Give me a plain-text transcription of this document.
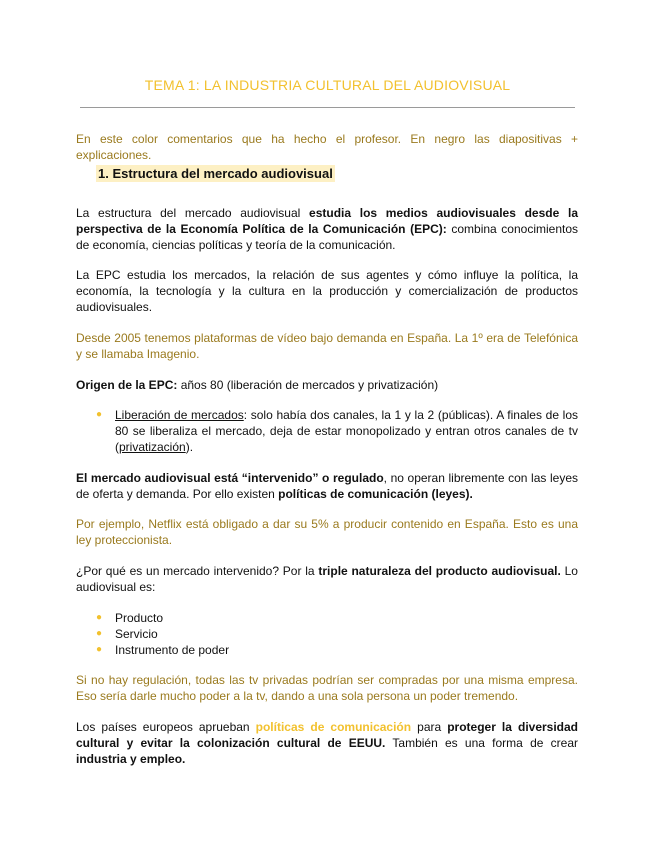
TEMA 1: LA INDUSTRIA CULTURAL DEL AUDIOVISUAL

En este color comentarios que ha hecho el profesor. En negro las diapositivas + explicaciones.

1. Estructura del mercado audiovisual

La estructura del mercado audiovisual estudia los medios audiovisuales desde la perspectiva de la Economía Política de la Comunicación (EPC): combina conocimientos de economía, ciencias políticas y teoría de la comunicación.

La EPC estudia los mercados, la relación de sus agentes y cómo influye la política, la economía, la tecnología y la cultura en la producción y comercialización de productos audiovisuales.

Desde 2005 tenemos plataformas de vídeo bajo demanda en España. La 1º era de Telefónica y se llamaba Imagenio.

Origen de la EPC: años 80 (liberación de mercados y privatización)

● Liberación de mercados: solo había dos canales, la 1 y la 2 (públicas). A finales de los 80 se liberaliza el mercado, deja de estar monopolizado y entran otros canales de tv (privatización).

El mercado audiovisual está “intervenido” o regulado, no operan libremente con las leyes de oferta y demanda. Por ello existen políticas de comunicación (leyes).

Por ejemplo, Netflix está obligado a dar su 5% a producir contenido en España. Esto es una ley proteccionista.

¿Por qué es un mercado intervenido? Por la triple naturaleza del producto audiovisual. Lo audiovisual es:

● Producto

● Servicio

● Instrumento de poder

Si no hay regulación, todas las tv privadas podrían ser compradas por una misma empresa. Eso sería darle mucho poder a la tv, dando a una sola persona un poder tremendo.

Los países europeos aprueban políticas de comunicación para proteger la diversidad cultural y evitar la colonización cultural de EEUU. También es una forma de crear industria y empleo.
